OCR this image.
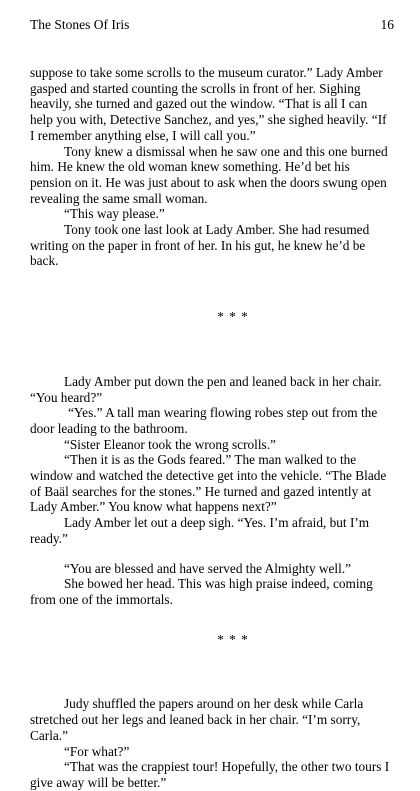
The Stones Of Iris	16

suppose to take some scrolls to the museum curator.” Lady Amber gasped and started counting the scrolls in front of her. Sighing heavily, she turned and gazed out the window. “That is all I can help you with, Detective Sanchez, and yes,” she sighed heavily. “If I remember anything else, I will call you.”

Tony knew a dismissal when he saw one and this one burned him. He knew the old woman knew something. He’d bet his pension on it. He was just about to ask when the doors swung open revealing the same small woman.

“This way please.”

Tony took one last look at Lady Amber. She had resumed writing on the paper in front of her. In his gut, he knew he’d be back.

* * *

Lady Amber put down the pen and leaned back in her chair. “You heard?”

“Yes.” A tall man wearing flowing robes step out from the door leading to the bathroom.

“Sister Eleanor took the wrong scrolls.”

“Then it is as the Gods feared.” The man walked to the window and watched the detective get into the vehicle. “The Blade of Baäl searches for the stones.” He turned and gazed intently at Lady Amber.” You know what happens next?”

Lady Amber let out a deep sigh. “Yes. I’m afraid, but I’m ready.”

“You are blessed and have served the Almighty well.”

She bowed her head. This was high praise indeed, coming from one of the immortals.

* * *

Judy shuffled the papers around on her desk while Carla stretched out her legs and leaned back in her chair. “I’m sorry, Carla.”

“For what?”

“That was the crappiest tour! Hopefully, the other two tours I give away will be better.”
